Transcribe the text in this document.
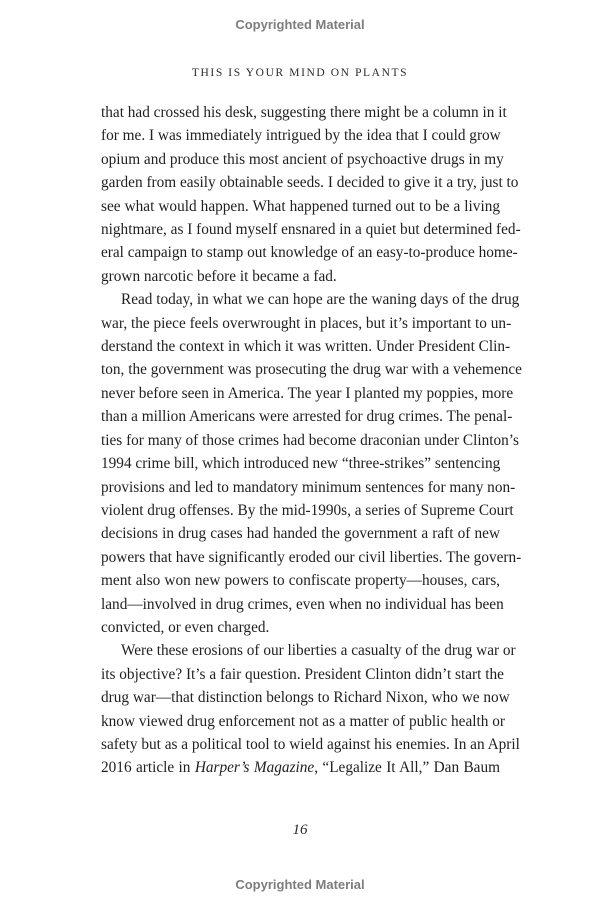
Copyrighted Material
THIS IS YOUR MIND ON PLANTS

that had crossed his desk, suggesting there might be a column in it
for me. I was immediately intrigued by the idea that I could grow
opium and produce this most ancient of psychoactive drugs in my
garden from easily obtainable seeds. I decided to give it a try, just to
see what would happen. What happened turned out to be a living
nightmare, as I found myself ensnared in a quiet but determined fed-
eral campaign to stamp out knowledge of an easy-to-produce home-
grown narcotic before it became a fad.

Read today, in what we can hope are the waning days of the drug
war, the piece feels overwrought in places, but it’s important to un-
derstand the context in which it was written. Under President Clin-
ton, the government was prosecuting the drug war with a vehemence
never before seen in America. The year I planted my poppies, more
than a million Americans were arrested for drug crimes. The penal-
ties for many of those crimes had become draconian under Clinton’s
1994 crime bill, which introduced new “three-strikes” sentencing
provisions and led to mandatory minimum sentences for many non-
violent drug offenses. By the mid-1990s, a series of Supreme Court
decisions in drug cases had handed the government a raft of new
powers that have significantly eroded our civil liberties. The govern-
ment also won new powers to confiscate property—houses, cars,
land—involved in drug crimes, even when no individual has been
convicted, or even charged.

Were these erosions of our liberties a casualty of the drug war or
its objective? It’s a fair question. President Clinton didn’t start the
drug war—that distinction belongs to Richard Nixon, who we now
know viewed drug enforcement not as a matter of public health or
safety but as a political tool to wield against his enemies. In an April
2016 article in Harper’s Magazine, “Legalize It All,” Dan Baum

16
Copyrighted Material
